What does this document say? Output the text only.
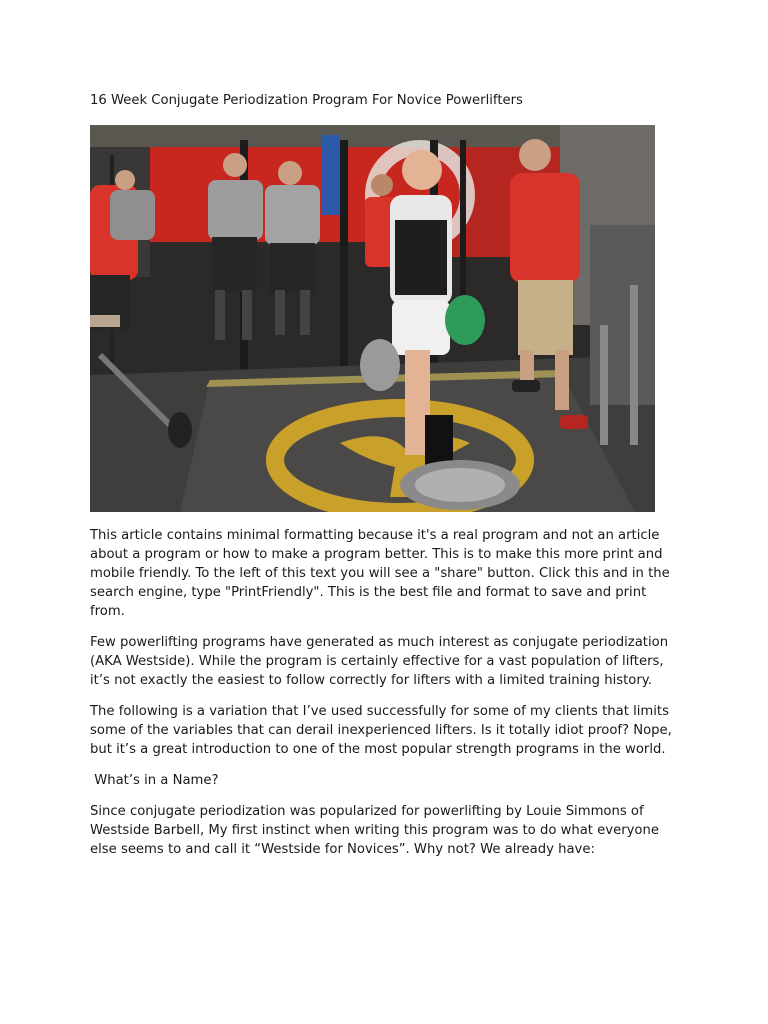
16 Week Conjugate Periodization Program For Novice Powerlifters

This article contains minimal formatting because it's a real program and not an article about a program or how to make a program better. This is to make this more print and mobile friendly. To the left of this text you will see a "share" button. Click this and in the search engine, type "PrintFriendly". This is the best file and format to save and print from.

Few powerlifting programs have generated as much interest as conjugate periodization (AKA Westside). While the program is certainly effective for a vast population of lifters, it’s not exactly the easiest to follow correctly for lifters with a limited training history.

The following is a variation that I’ve used successfully for some of my clients that limits some of the variables that can derail inexperienced lifters. Is it totally idiot proof? Nope, but it’s a great introduction to one of the most popular strength programs in the world.

What’s in a Name?

Since conjugate periodization was popularized for powerlifting by Louie Simmons of Westside Barbell, My first instinct when writing this program was to do what everyone else seems to and call it “Westside for Novices”. Why not? We already have:
